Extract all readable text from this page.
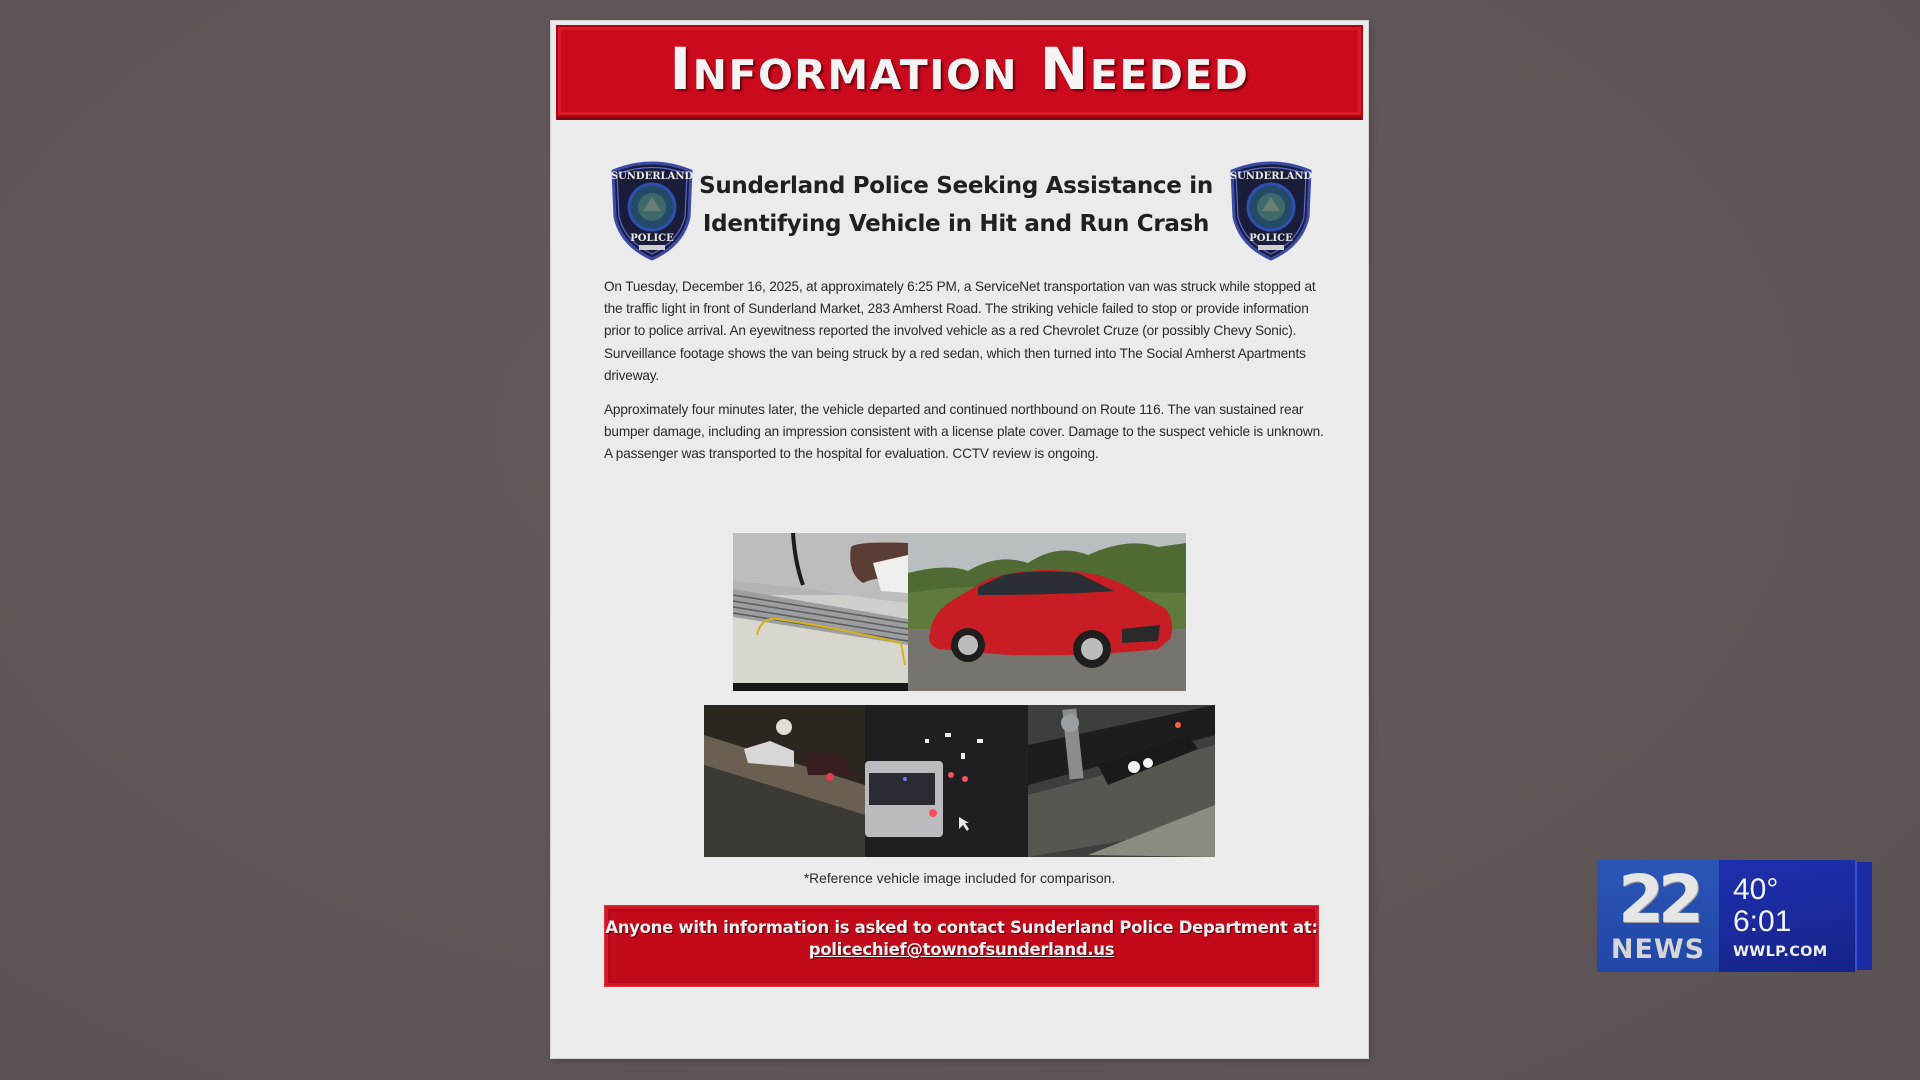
Information Needed
SUNDERLAND
POLICE
Sunderland Police Seeking Assistance in
Identifying Vehicle in Hit and Run Crash
SUNDERLAND
POLICE

On Tuesday, December 16, 2025, at approximately 6:25 PM, a ServiceNet transportation van was struck while stopped at the traffic light in front of Sunderland Market, 283 Amherst Road. The striking vehicle failed to stop or provide information prior to police arrival. An eyewitness reported the involved vehicle as a red Chevrolet Cruze (or possibly Chevy Sonic). Surveillance footage shows the van being struck by a red sedan, which then turned into The Social Amherst Apartments driveway.

Approximately four minutes later, the vehicle departed and continued northbound on Route 116. The van sustained rear bumper damage, including an impression consistent with a license plate cover. Damage to the suspect vehicle is unknown. A passenger was transported to the hospital for evaluation. CCTV review is ongoing.

*Reference vehicle image included for comparison.
Anyone with information is asked to contact Sunderland Police Department at:
policechief@townofsunderland.us
22
NEWS
40°
6:01
WWLP.COM
